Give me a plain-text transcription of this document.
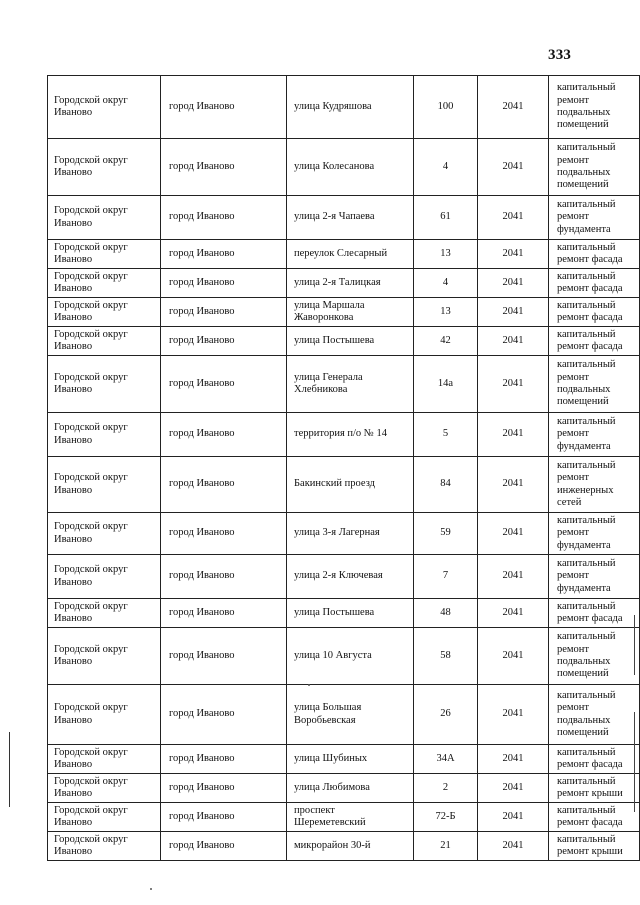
333
Городской округ Иваново	город Иваново	улица Кудряшова	100	2041	капитальный ремонт подвальных помещений
Городской округ Иваново	город Иваново	улица Колесанова	4	2041	капитальный ремонт подвальных помещений
Городской округ Иваново	город Иваново	улица 2-я Чапаева	61	2041	капитальный ремонт фундамента
Городской округ Иваново	город Иваново	переулок Слесарный	13	2041	капитальный ремонт фасада
Городской округ Иваново	город Иваново	улица 2-я Талицкая	4	2041	капитальный ремонт фасада
Городской округ Иваново	город Иваново	улица Маршала Жаворонкова	13	2041	капитальный ремонт фасада
Городской округ Иваново	город Иваново	улица Постышева	42	2041	капитальный ремонт фасада
Городской округ Иваново	город Иваново	улица Генерала Хлебникова	14а	2041	капитальный ремонт подвальных помещений
Городской округ Иваново	город Иваново	территория п/о № 14	5	2041	капитальный ремонт фундамента
Городской округ Иваново	город Иваново	Бакинский проезд	84	2041	капитальный ремонт инженерных сетей
Городской округ Иваново	город Иваново	улица 3-я Лагерная	59	2041	капитальный ремонт фундамента
Городской округ Иваново	город Иваново	улица 2-я Ключевая	7	2041	капитальный ремонт фундамента
Городской округ Иваново	город Иваново	улица Постышева	48	2041	капитальный ремонт фасада
Городской округ Иваново	город Иваново	улица 10 Августа	58	2041	капитальный ремонт подвальных помещений
Городской округ Иваново	город Иваново	улица Большая Воробьевская	26	2041	капитальный ремонт подвальных помещений
Городской округ Иваново	город Иваново	улица Шубиных	34А	2041	капитальный ремонт фасада
Городской округ Иваново	город Иваново	улица Любимова	2	2041	капитальный ремонт крыши
Городской округ Иваново	город Иваново	проспект Шереметевский	72-Б	2041	капитальный ремонт фасада
Городской округ Иваново	город Иваново	микрорайон 30-й	21	2041	капитальный ремонт крыши
